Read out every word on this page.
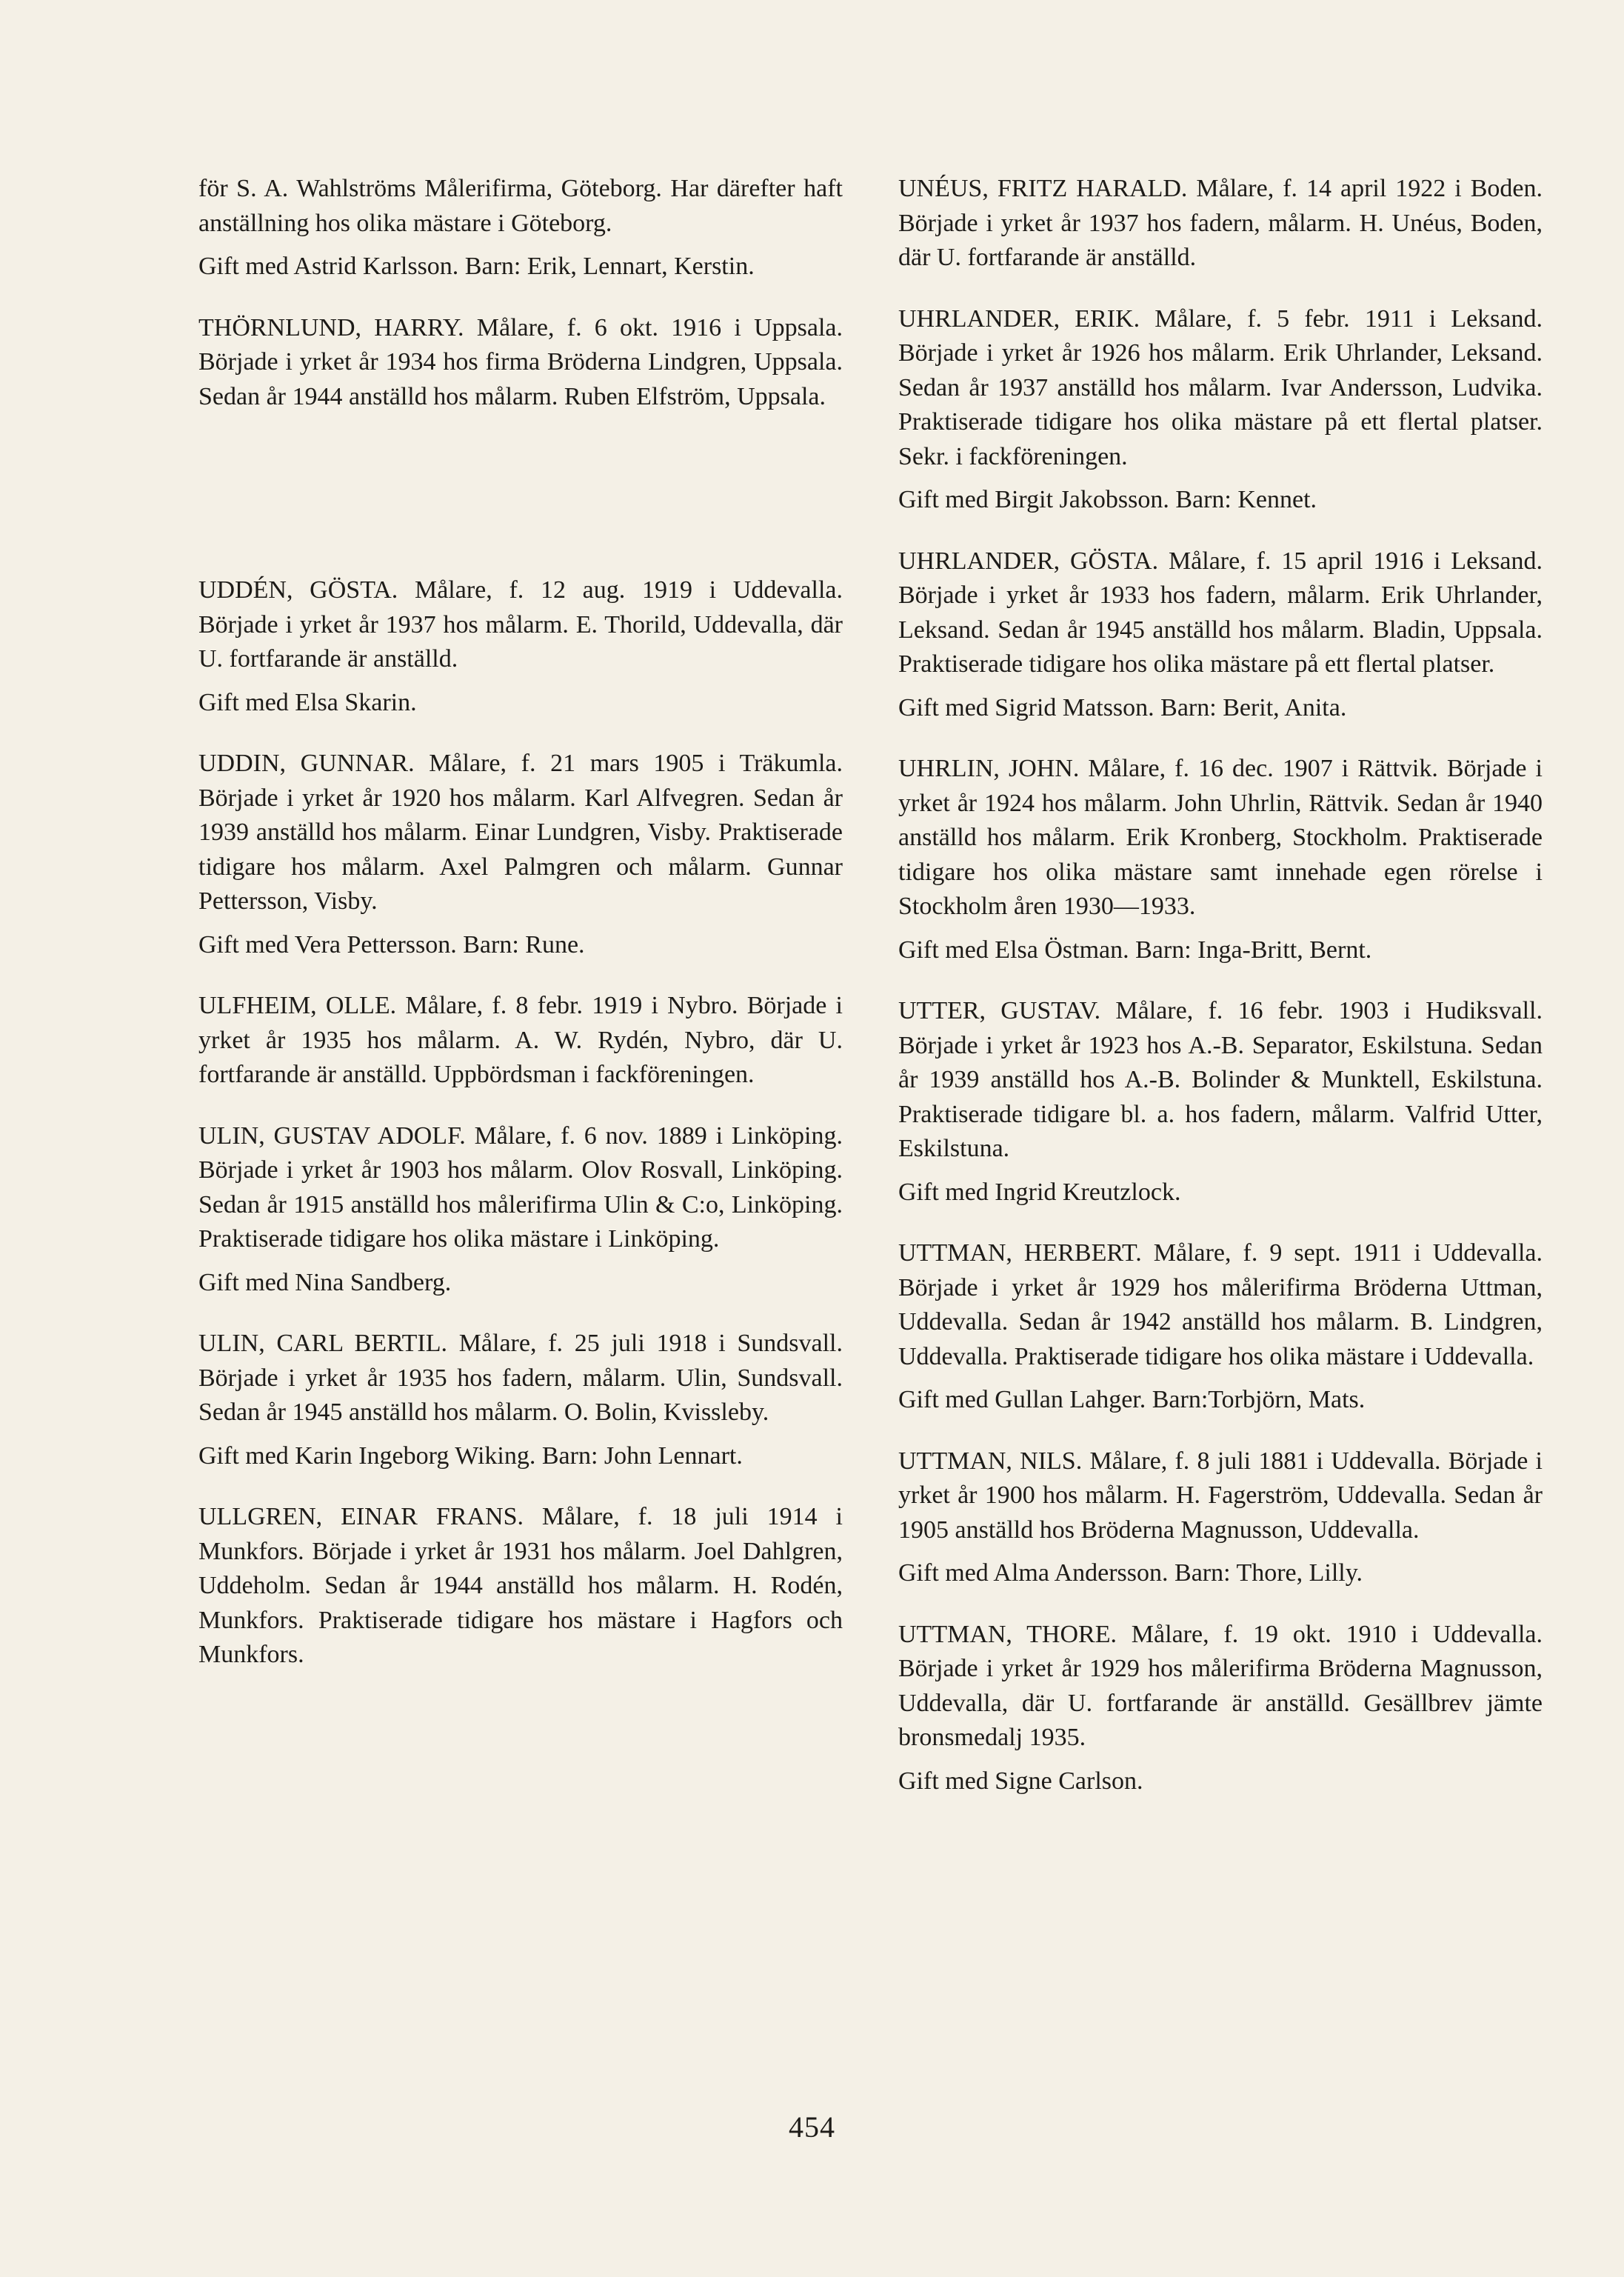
för S. A. Wahlströms Målerifirma, Göteborg. Har därefter haft anställning hos olika mästare i Göteborg.

Gift med Astrid Karlsson. Barn: Erik, Lennart, Kerstin.

THÖRNLUND, HARRY. Målare, f. 6 okt. 1916 i Uppsala. Började i yrket år 1934 hos firma Bröderna Lindgren, Uppsala. Sedan år 1944 anställd hos målarm. Ruben Elfström, Uppsala.

UDDÉN, GÖSTA. Målare, f. 12 aug. 1919 i Uddevalla. Började i yrket år 1937 hos målarm. E. Thorild, Uddevalla, där U. fortfarande är anställd.

Gift med Elsa Skarin.

UDDIN, GUNNAR. Målare, f. 21 mars 1905 i Träkumla. Började i yrket år 1920 hos målarm. Karl Alfvegren. Sedan år 1939 anställd hos målarm. Einar Lundgren, Visby. Praktiserade tidigare hos målarm. Axel Palmgren och målarm. Gunnar Pettersson, Visby.

Gift med Vera Pettersson. Barn: Rune.

ULFHEIM, OLLE. Målare, f. 8 febr. 1919 i Nybro. Började i yrket år 1935 hos målarm. A. W. Rydén, Nybro, där U. fortfarande är anställd. Uppbördsman i fackföreningen.

ULIN, GUSTAV ADOLF. Målare, f. 6 nov. 1889 i Linköping. Började i yrket år 1903 hos målarm. Olov Rosvall, Linköping. Sedan år 1915 anställd hos målerifirma Ulin & C:o, Linköping. Praktiserade tidigare hos olika mästare i Linköping.

Gift med Nina Sandberg.

ULIN, CARL BERTIL. Målare, f. 25 juli 1918 i Sundsvall. Började i yrket år 1935 hos fadern, målarm. Ulin, Sundsvall. Sedan år 1945 anställd hos målarm. O. Bolin, Kvissleby.

Gift med Karin Ingeborg Wiking. Barn: John Lennart.

ULLGREN, EINAR FRANS. Målare, f. 18 juli 1914 i Munkfors. Började i yrket år 1931 hos målarm. Joel Dahlgren, Uddeholm. Sedan år 1944 anställd hos målarm. H. Rodén, Munkfors. Praktiserade tidigare hos mästare i Hagfors och Munkfors.

UNÉUS, FRITZ HARALD. Målare, f. 14 april 1922 i Boden. Började i yrket år 1937 hos fadern, målarm. H. Unéus, Boden, där U. fortfarande är anställd.

UHRLANDER, ERIK. Målare, f. 5 febr. 1911 i Leksand. Började i yrket år 1926 hos målarm. Erik Uhrlander, Leksand. Sedan år 1937 anställd hos målarm. Ivar Andersson, Ludvika. Praktiserade tidigare hos olika mästare på ett flertal platser. Sekr. i fackföreningen.

Gift med Birgit Jakobsson. Barn: Kennet.

UHRLANDER, GÖSTA. Målare, f. 15 april 1916 i Leksand. Började i yrket år 1933 hos fadern, målarm. Erik Uhrlander, Leksand. Sedan år 1945 anställd hos målarm. Bladin, Uppsala. Praktiserade tidigare hos olika mästare på ett flertal platser.

Gift med Sigrid Matsson. Barn: Berit, Anita.

UHRLIN, JOHN. Målare, f. 16 dec. 1907 i Rättvik. Började i yrket år 1924 hos målarm. John Uhrlin, Rättvik. Sedan år 1940 anställd hos målarm. Erik Kronberg, Stockholm. Praktiserade tidigare hos olika mästare samt innehade egen rörelse i Stockholm åren 1930—1933.

Gift med Elsa Östman. Barn: Inga-Britt, Bernt.

UTTER, GUSTAV. Målare, f. 16 febr. 1903 i Hudiksvall. Började i yrket år 1923 hos A.-B. Separator, Eskilstuna. Sedan år 1939 anställd hos A.-B. Bolinder & Munktell, Eskilstuna. Praktiserade tidigare bl. a. hos fadern, målarm. Valfrid Utter, Eskilstuna.

Gift med Ingrid Kreutzlock.

UTTMAN, HERBERT. Målare, f. 9 sept. 1911 i Uddevalla. Började i yrket år 1929 hos målerifirma Bröderna Uttman, Uddevalla. Sedan år 1942 anställd hos målarm. B. Lindgren, Uddevalla. Praktiserade tidigare hos olika mästare i Uddevalla.

Gift med Gullan Lahger. Barn:Torbjörn, Mats.

UTTMAN, NILS. Målare, f. 8 juli 1881 i Uddevalla. Började i yrket år 1900 hos målarm. H. Fagerström, Uddevalla. Sedan år 1905 anställd hos Bröderna Magnusson, Uddevalla.

Gift med Alma Andersson. Barn: Thore, Lilly.

UTTMAN, THORE. Målare, f. 19 okt. 1910 i Uddevalla. Började i yrket år 1929 hos målerifirma Bröderna Magnusson, Uddevalla, där U. fortfarande är anställd. Gesällbrev jämte bronsmedalj 1935.

Gift med Signe Carlson.

454
